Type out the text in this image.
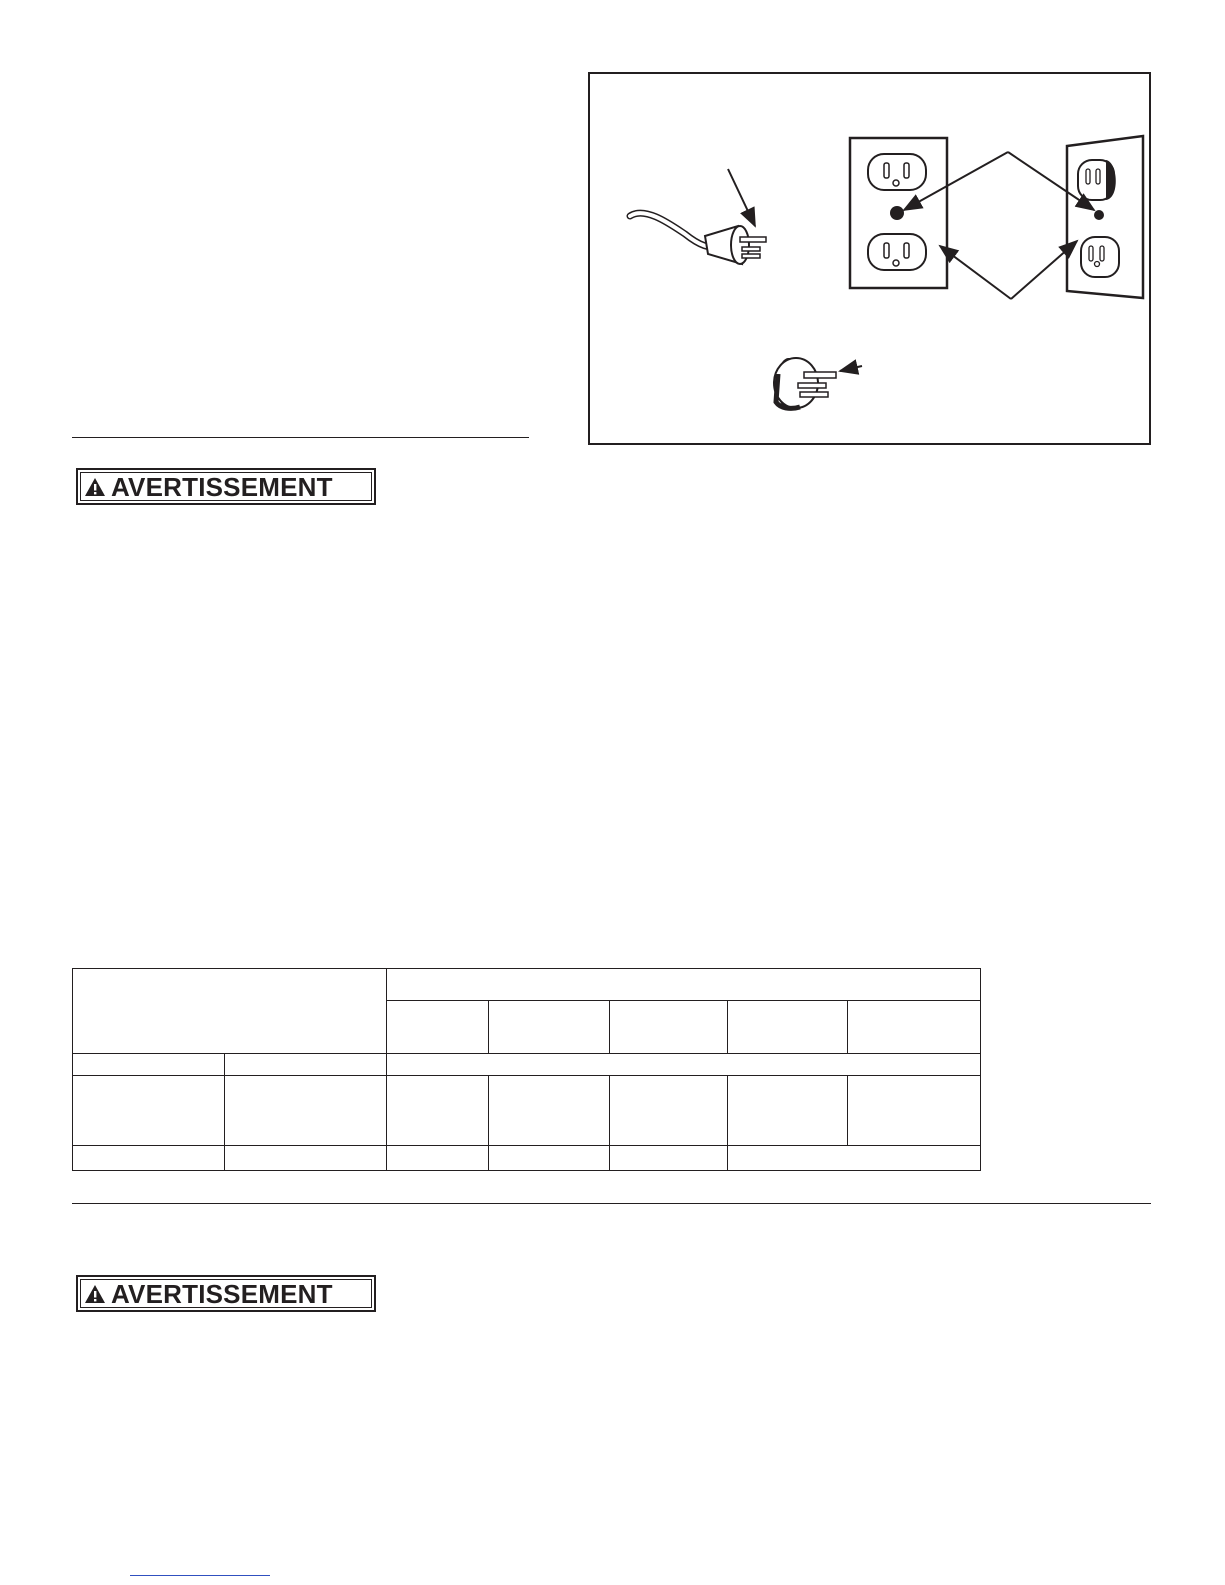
AVERTISSEMENT

AVERTISSEMENT
